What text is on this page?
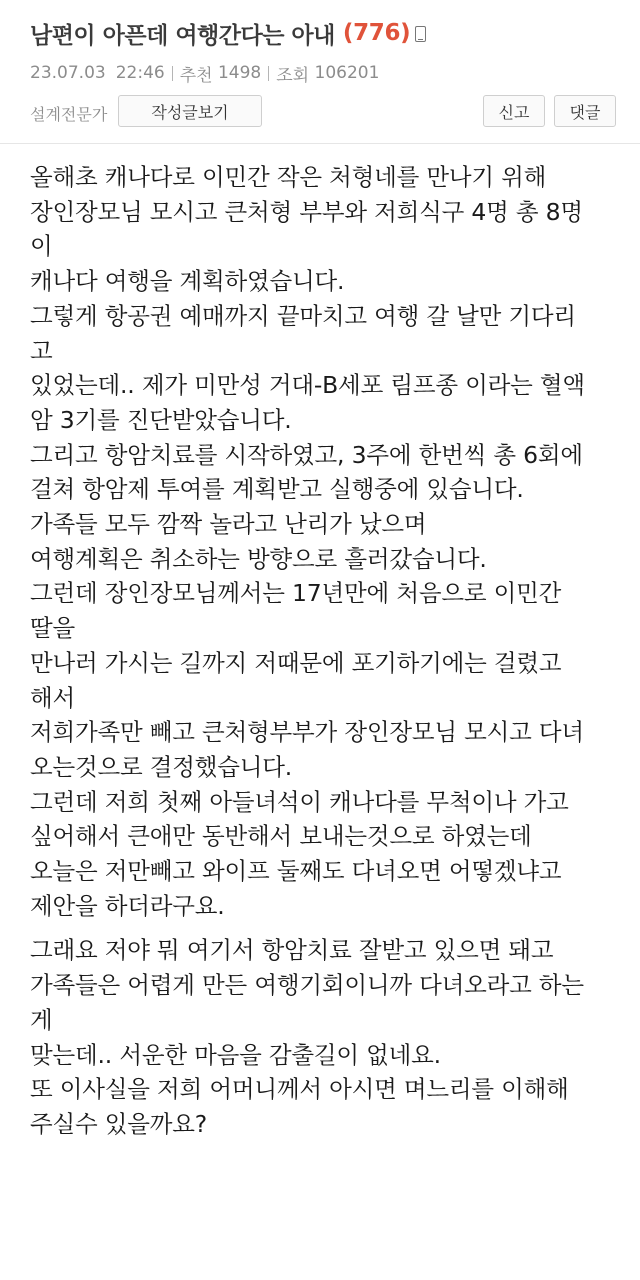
남편이 아픈데 여행간다는 아내 (776)
23.07.03 22:46 추천
1498 조회
106201
설계전문가	작성글보기	신고	댓글
올해초 캐나다로 이민간 작은 처형네를 만나기 위해
장인장모님 모시고 큰처형 부부와 저희식구 4명 총 8명
이
캐나다 여행을 계획하였습니다.
그렇게 항공권 예매까지 끝마치고 여행 갈 날만 기다리
고
있었는데.. 제가 미만성 거대-B세포 림프종 이라는 혈액
암 3기를 진단받았습니다.
그리고 항암치료를 시작하였고, 3주에 한번씩 총 6회에
걸쳐 항암제 투여를 계획받고 실행중에 있습니다.
가족들 모두 깜짝 놀라고 난리가 났으며
여행계획은 취소하는 방향으로 흘러갔습니다.
그런데 장인장모님께서는 17년만에 처음으로 이민간
딸을
만나러 가시는 길까지 저때문에 포기하기에는 걸렸고
해서
저희가족만 빼고 큰처형부부가 장인장모님 모시고 다녀
오는것으로 결정했습니다.
그런데 저희 첫째 아들녀석이 캐나다를 무척이나 가고
싶어해서 큰애만 동반해서 보내는것으로 하였는데
오늘은 저만빼고 와이프 둘째도 다녀오면 어떻겠냐고
제안을 하더라구요.
그래요 저야 뭐 여기서 항암치료 잘받고 있으면 돼고
가족들은 어렵게 만든 여행기회이니까 다녀오라고 하는
게
맞는데.. 서운한 마음을 감출길이 없네요.
또 이사실을 저희 어머니께서 아시면 며느리를 이해해
주실수 있을까요?
